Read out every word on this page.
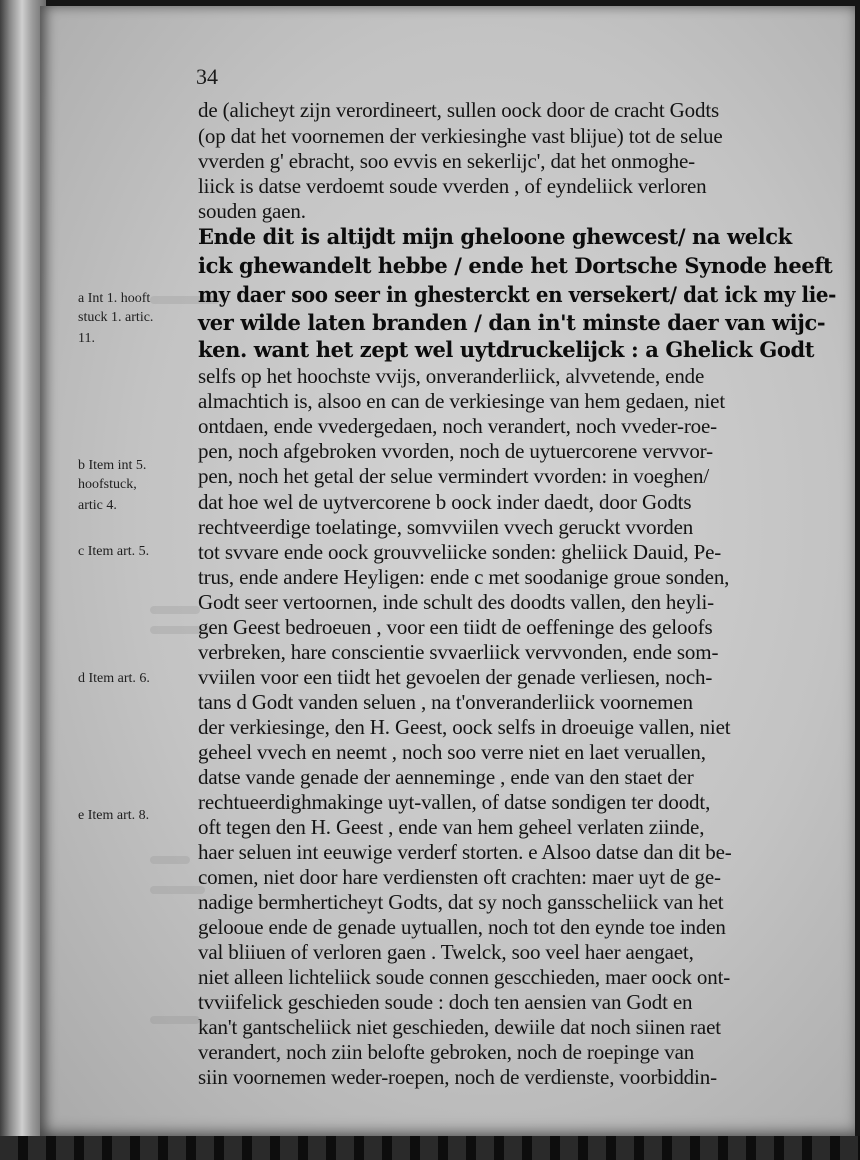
34
de (alicheyt zijn verordineert, sullen oock door de cracht Godts
(op dat het voornemen der verkiesinghe vast blijue) tot de selue
vverden g' ebracht, soo evvis en sekerlijc', dat het onmoghe-
liick is datse verdoemt soude vverden , of eyndeliick verloren
souden gaen.
Ende dit is altijdt mijn gheloone ghewcest/ na welck
ick ghewandelt hebbe / ende het Dortsche Synode heeft
my daer soo seer in ghesterckt en versekert/ dat ick my lie-
ver wilde laten branden / dan in't minste daer van wijc-
ken. want het zept wel uytdruckelijck : a Ghelick Godt
selfs op het hoochste vvijs, onveranderliick, alvvetende, ende
almachtich is, alsoo en can de verkiesinge van hem gedaen, niet
ontdaen, ende vvedergedaen, noch verandert, noch vveder-roe-
pen, noch afgebroken vvorden, noch de uytuercorene vervvor-
pen, noch het getal der selue vermindert vvorden: in voeghen/
dat hoe wel de uytvercorene b oock inder daedt, door Godts
rechtveerdige toelatinge, somvviilen vvech geruckt vvorden
tot svvare ende oock grouvveliicke sonden: gheliick Dauid, Pe-
trus, ende andere Heyligen: ende c met soodanige groue sonden,
Godt seer vertoornen, inde schult des doodts vallen, den heyli-
gen Geest bedroeuen , voor een tiidt de oeffeninge des geloofs
verbreken, hare conscientie svvaerliick vervvonden, ende som-
vviilen voor een tiidt het gevoelen der genade verliesen, noch-
tans d Godt vanden seluen , na t'onveranderliick voornemen
der verkiesinge, den H. Geest, oock selfs in droeuige vallen, niet
geheel vvech en neemt , noch soo verre niet en laet veruallen,
datse vande genade der aenneminge , ende van den staet der
rechtueerdighmakinge uyt-vallen, of datse sondigen ter doodt,
oft tegen den H. Geest , ende van hem geheel verlaten ziinde,
haer seluen int eeuwige verderf storten. e Alsoo datse dan dit be-
comen, niet door hare verdiensten oft crachten: maer uyt de ge-
nadige bermherticheyt Godts, dat sy noch gansscheliick van het
gelooue ende de genade uytuallen, noch tot den eynde toe inden
val bliiuen of verloren gaen . Twelck, soo veel haer aengaet,
niet alleen lichteliick soude connen gescchieden, maer oock ont-
tvviifelick geschieden soude : doch ten aensien van Godt en
kan't gantscheliick niet geschieden, dewiile dat noch siinen raet
verandert, noch ziin belofte gebroken, noch de roepinge van
siin voornemen weder-roepen, noch de verdienste, voorbiddin-
a Int 1. hooft
stuck 1. artic.
11.
b Item int 5.
hoofstuck,
artic 4.
c Item art. 5.
d Item art. 6.
e Item art. 8.
